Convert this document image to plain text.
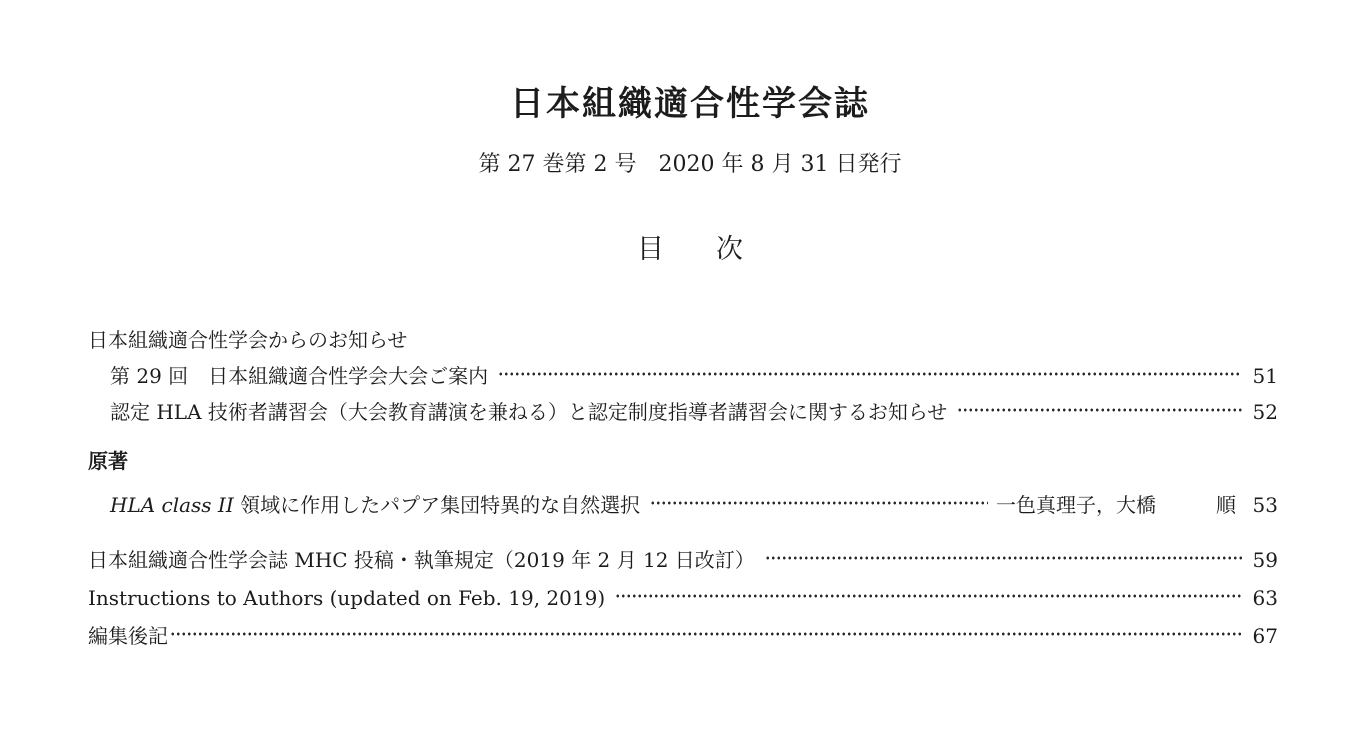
日本組織適合性学会誌
第 27 巻第 2 号　2020 年 8 月 31 日発行
目 次
日本組織適合性学会からのお知らせ
第 29 回　日本組織適合性学会大会ご案内	51
認定 HLA 技術者講習会（大会教育講演を兼ねる）と認定制度指導者講習会に関するお知らせ	52
原著
HLA class II 領域に作用したパプア集団特異的な自然選択	一色真理子，大橋　　　順 53
日本組織適合性学会誌 MHC 投稿・執筆規定（2019 年 2 月 12 日改訂）	59
Instructions to Authors (updated on Feb. 19, 2019)	63
編集後記	67
